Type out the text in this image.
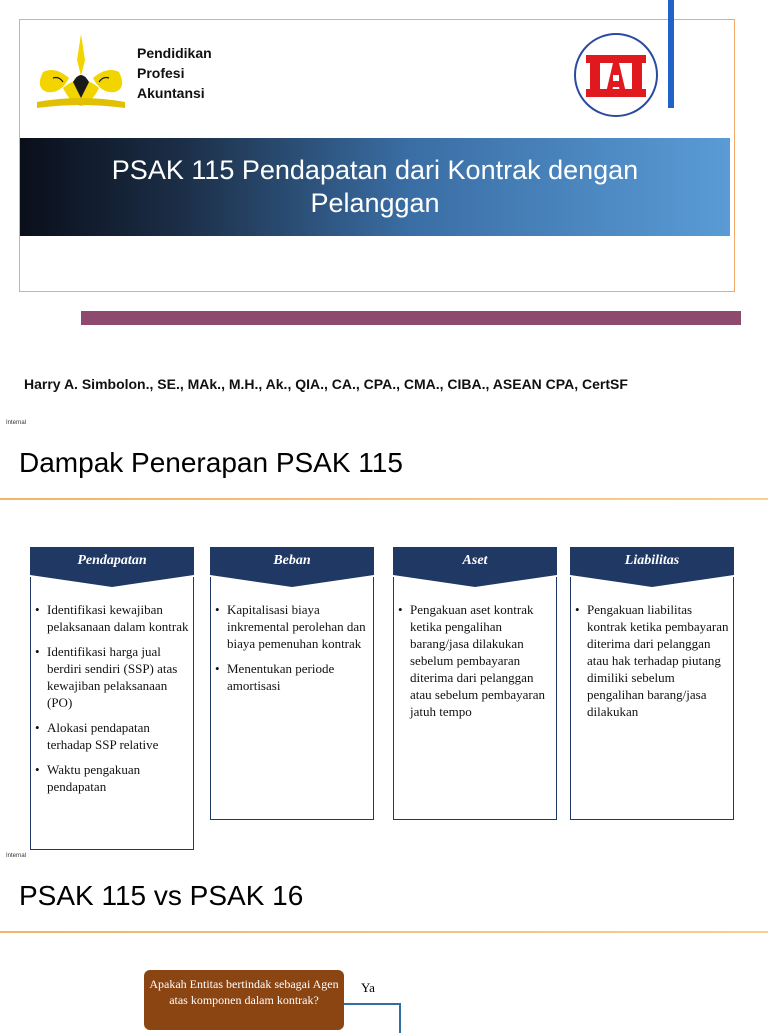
Pendidikan
Profesi
Akuntansi
PSAK 115 Pendapatan dari Kontrak dengan Pelanggan
Harry A. Simbolon., SE., MAk., M.H., Ak., QIA., CA., CPA., CMA., CIBA., ASEAN CPA, CertSF
Internal
Dampak Penerapan PSAK 115
Pendapatan
• Identifikasi kewajiban pelaksanaan dalam kontrak
• Identifikasi harga jual berdiri sendiri (SSP) atas kewajiban pelaksanaan (PO)
• Alokasi pendapatan terhadap SSP relative
• Waktu pengakuan pendapatan
Beban
• Kapitalisasi biaya inkremental perolehan dan biaya pemenuhan kontrak
• Menentukan periode amortisasi
Aset
• Pengakuan aset kontrak ketika pengalihan barang/jasa dilakukan sebelum pembayaran diterima dari pelanggan atau sebelum pembayaran jatuh tempo
Liabilitas
• Pengakuan liabilitas kontrak ketika pembayaran diterima dari pelanggan atau hak terhadap piutang dimiliki sebelum pengalihan barang/jasa dilakukan
Internal
PSAK 115 vs PSAK 16
Apakah Entitas bertindak sebagai Agen atas komponen dalam kontrak?
Ya
